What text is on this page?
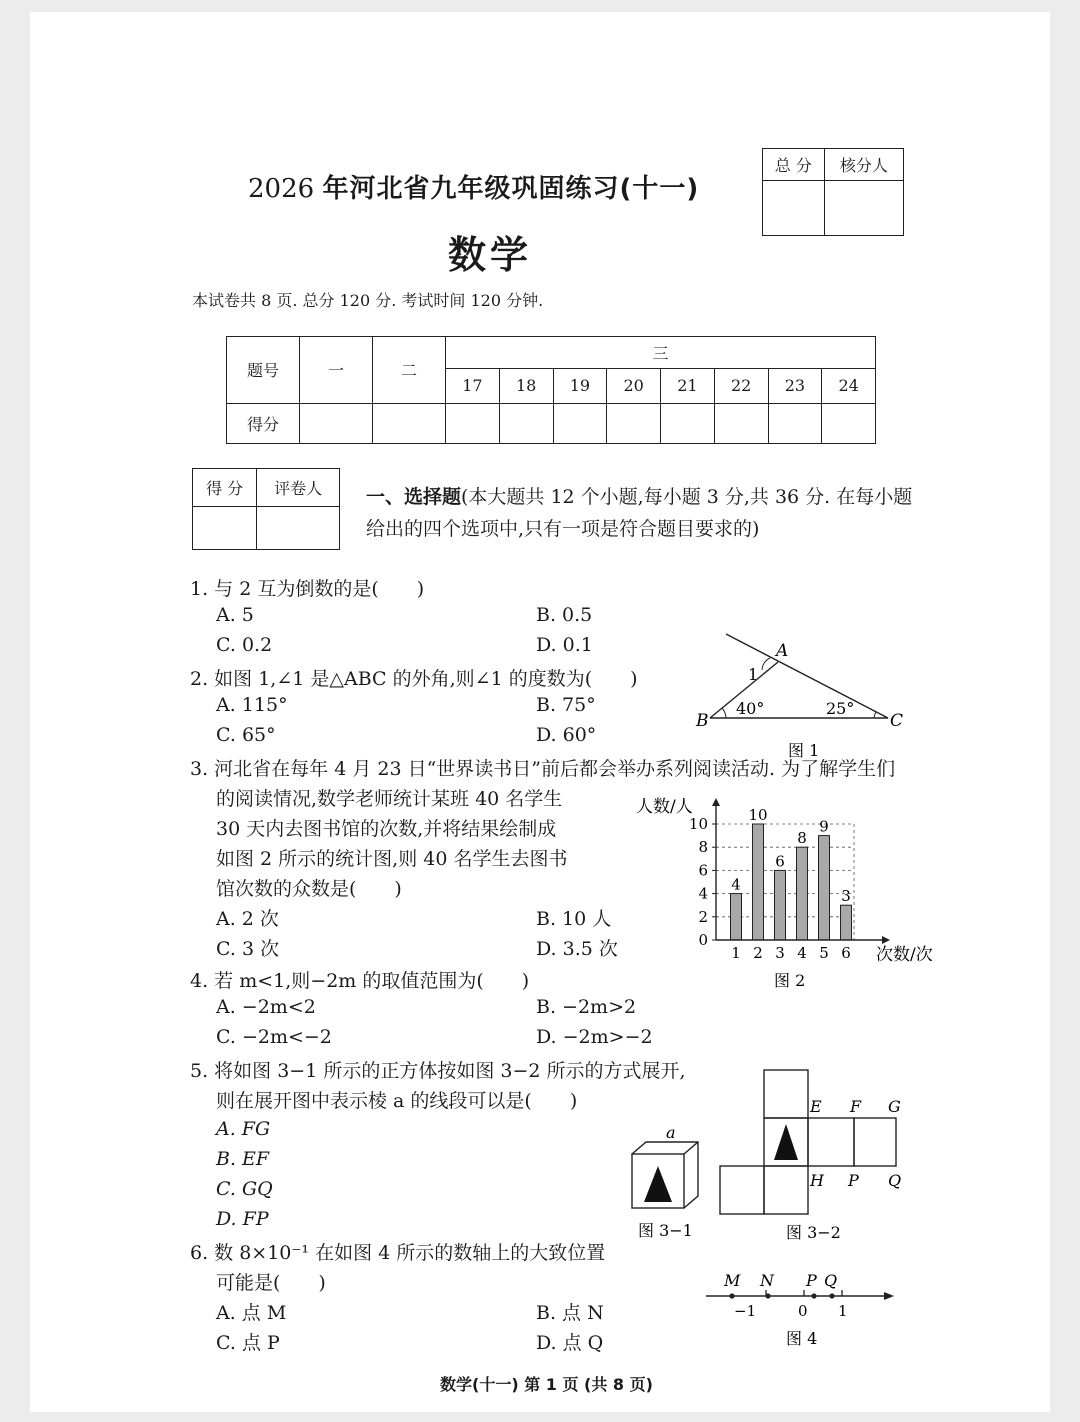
2026 年河北省九年级巩固练习(十一)
数学
总 分	核分人

本试卷共 8 页. 总分 120 分. 考试时间 120 分钟.
题号	一	二	三							
			17	18	19	20	21	22	23	24
得分										
得 分	评卷人
	一、选择题(本大题共 12 个小题,每小题 3 分,共 36 分. 在每小题
给出的四个选项中,只有一项是符合题目要求的)
1. 与 2 互为倒数的是(　　)
A. 5	B. 0.5
C. 0.2	D. 0.1
2. 如图 1,∠1 是△ABC 的外角,则∠1 的度数为(　　)
A. 115°	B. 75°
C. 65°	D. 60°
A
B	C
1
40°	25°
图 1
3. 河北省在每年 4 月 23 日“世界读书日”前后都会举办系列阅读活动. 为了解学生们
的阅读情况,数学老师统计某班 40 名学生
30 天内去图书馆的次数,并将结果绘制成
如图 2 所示的统计图,则 40 名学生去图书
馆次数的众数是(　　)
A. 2 次	B. 10 人
C. 3 次	D. 3.5 次	0
2
4
6
8
10
4
1
10
2
6
3
8
4
9
5
3
6
人数/人
次数/次
图 2
4. 若 m<1,则−2m 的取值范围为(　　)
A. −2m<2	B. −2m>2
C. −2m<−2	D. −2m>−2
5. 将如图 3−1 所示的正方体按如图 3−2 所示的方式展开,
则在展开图中表示棱 a 的线段可以是(　　)
A. FG
B. EF
C. GQ
D. FP
a
图 3−1
E F G
H P Q
图 3−2
6. 数 8×10⁻¹ 在如图 4 所示的数轴上的大致位置
可能是(　　)
A. 点 M	B. 点 N
C. 点 P	D. 点 Q
M N P Q
−1	0 1
图 4
数学(十一) 第 1 页 (共 8 页)
